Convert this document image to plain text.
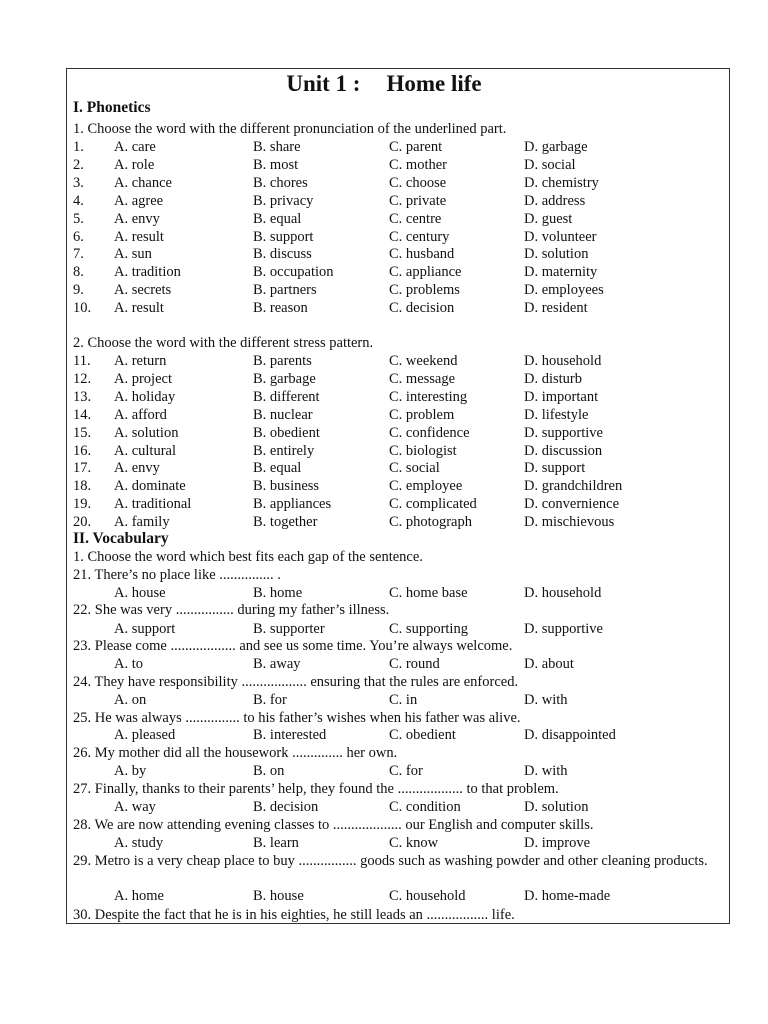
Unit 1 : Home life
I. Phonetics
1. Choose the word with the different pronunciation of the underlined part.
1. A. care	B. share	C. parent	D. garbage
2. A. role	B. most	C. mother	D. social
3. A. chance	B. chores	C. choose	D. chemistry
4. A. agree	B. privacy	C. private	D. address
5. A. envy	B. equal	C. centre	D. guest
6. A. result	B. support	C. century	D. volunteer
7. A. sun	B. discuss	C. husband	D. solution
8. A. tradition	B. occupation	C. appliance	D. maternity
9. A. secrets	B. partners	C. problems	D. employees
10. A. result	B. reason	C. decision	D. resident
2. Choose the word with the different stress pattern.
11. A. return	B. parents	C. weekend	D. household
12. A. project	B. garbage	C. message	D. disturb
13. A. holiday	B. different	C. interesting	D. important
14. A. afford	B. nuclear	C. problem	D. lifestyle
15. A. solution	B. obedient	C. confidence	D. supportive
16. A. cultural	B. entirely	C. biologist	D. discussion
17. A. envy	B. equal	C. social	D. support
18. A. dominate	B. business	C. employee	D. grandchildren
19. A. traditional	B. appliances	C. complicated	D. convernience
20. A. family	B. together	C. photograph	D. mischievous
II. Vocabulary
1. Choose the word which best fits each gap of the sentence.
21. There’s no place like ............... .
A. house	B. home	C. home base	D. household
22. She was very ................ during my father’s illness.
A. support	B. supporter	C. supporting	D. supportive
23. Please come .................. and see us some time. You’re always welcome.
A. to	B. away	C. round	D. about
24. They have responsibility .................. ensuring that the rules are enforced.
A. on	B. for	C. in	D. with
25. He was always ............... to his father’s wishes when his father was alive.
A. pleased	B. interested	C. obedient	D. disappointed
26. My mother did all the housework .............. her own.
A. by	B. on	C. for	D. with
27. Finally, thanks to their parents’ help, they found the .................. to that problem.
A. way	B. decision	C. condition	D. solution
28. We are now attending evening classes to ................... our English and computer skills.
A. study	B. learn	C. know	D. improve
29. Metro is a very cheap place to buy ................ goods such as washing powder and other cleaning products.
A. home	B. house	C. household	D. home-made
30. Despite the fact that he is in his eighties, he still leads an ................. life.
